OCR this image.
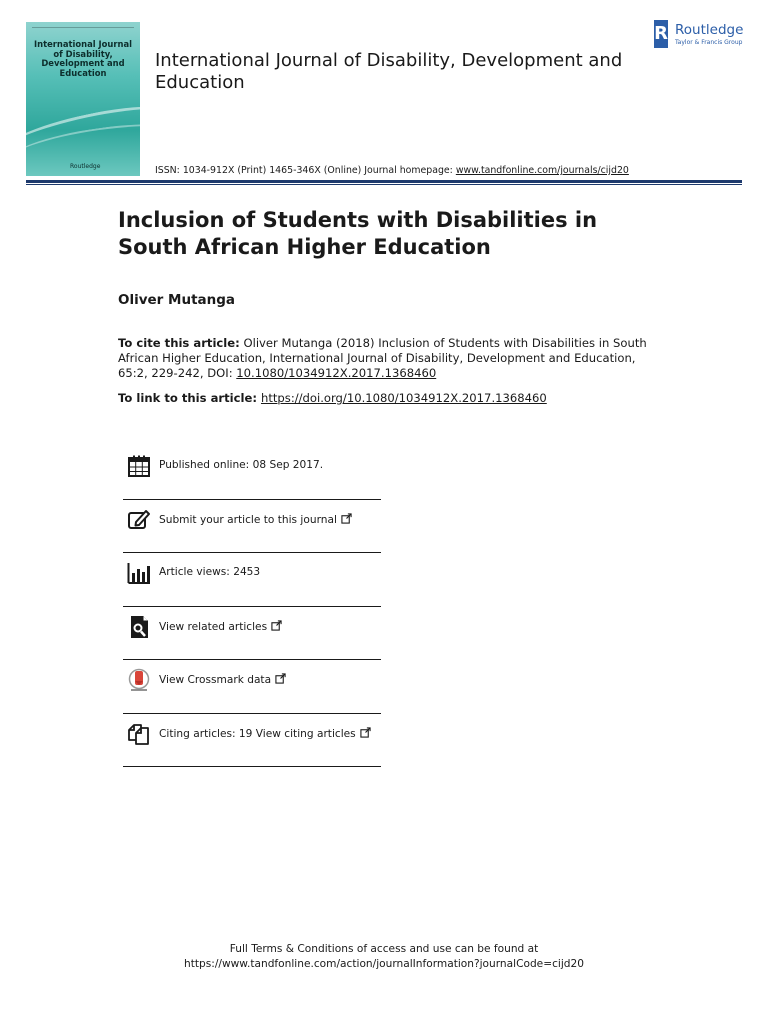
International Journal of Disability, Development and Education
Routledge
International Journal of Disability, Development and Education
R Routledge
Taylor & Francis Group
ISSN: 1034-912X (Print) 1465-346X (Online) Journal homepage: www.tandfonline.com/journals/cijd20
Inclusion of Students with Disabilities in South African Higher Education
Oliver Mutanga
To cite this article: Oliver Mutanga (2018) Inclusion of Students with Disabilities in South African Higher Education, International Journal of Disability, Development and Education, 65:2, 229-242, DOI: 10.1080/1034912X.2017.1368460
To link to this article: https://doi.org/10.1080/1034912X.2017.1368460
Published online: 08 Sep 2017.
Submit your article to this journal
Article views: 2453
View related articles
View Crossmark data
Citing articles: 19 View citing articles
Full Terms & Conditions of access and use can be found at
https://www.tandfonline.com/action/journalInformation?journalCode=cijd20
